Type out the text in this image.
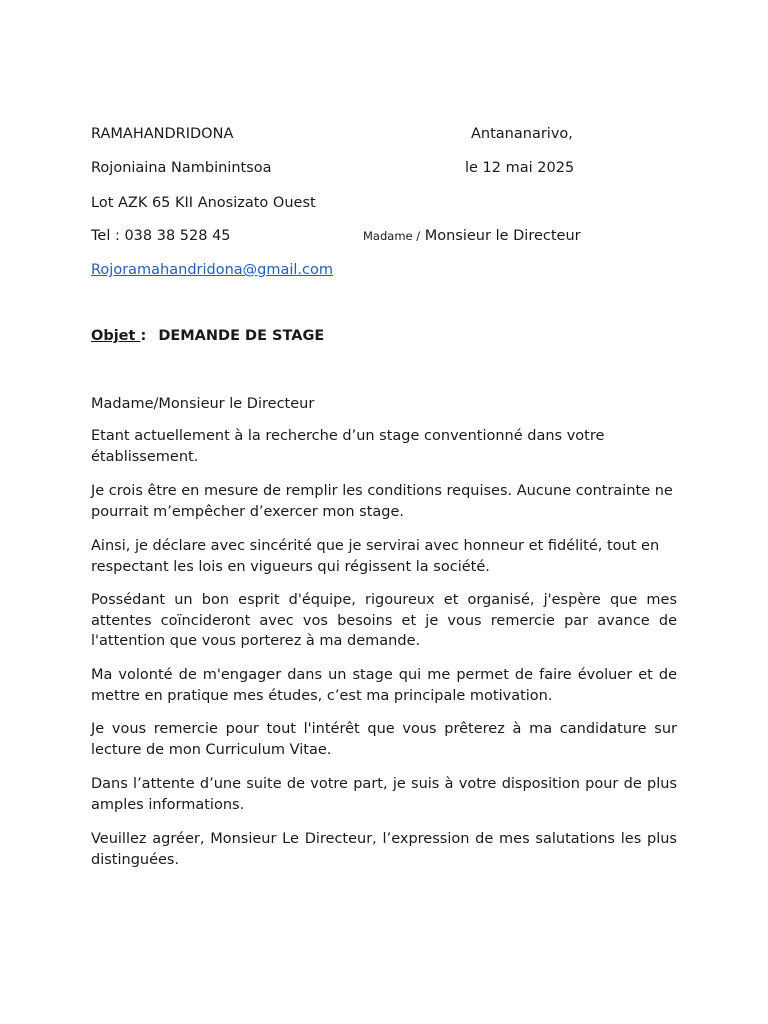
RAMAHANDRIDONA
Rojoniaina Nambinintsoa
Lot AZK 65 KII Anosizato Ouest
Tel : 038 38 528 45
Rojoramahandridona@gmail.com
Antananarivo,
le 12 mai 2025
Madame / Monsieur le Directeur
Objet : DEMANDE DE STAGE
Madame/Monsieur le Directeur
Etant actuellement à la recherche d’un stage conventionné dans votre établissement.
Je crois être en mesure de remplir les conditions requises. Aucune contrainte ne pourrait m’empêcher d’exercer mon stage.
Ainsi, je déclare avec sincérité que je servirai avec honneur et fidélité, tout en respectant les lois en vigueurs qui régissent la société.
Possédant un bon esprit d'équipe, rigoureux et organisé, j'espère que mes attentes coïncideront avec vos besoins et je vous remercie par avance de l'attention que vous porterez à ma demande.
Ma volonté de m'engager dans un stage qui me permet de faire évoluer et de mettre en pratique mes études, c’est ma principale motivation.
Je vous remercie pour tout l'intérêt que vous prêterez à ma candidature sur lecture de mon Curriculum Vitae.
Dans l’attente d’une suite de votre part, je suis à votre disposition pour de plus amples informations.
Veuillez agréer, Monsieur Le Directeur, l’expression de mes salutations les plus distinguées.
